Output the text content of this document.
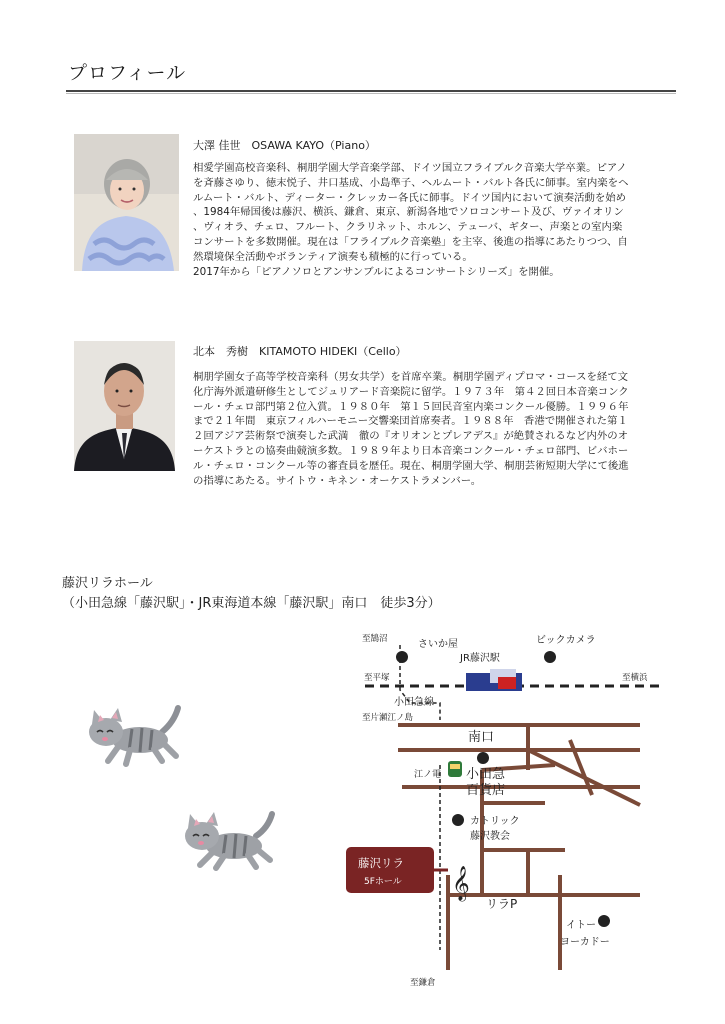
プロフィール
大澤 佳世　OSAWA KAYO（Piano）
相愛学園高校音楽科、桐朋学園大学音楽学部、ドイツ国立フライブルク音楽大学卒業。ピアノ
を斉藤さゆり、徳末悦子、井口基成、小島準子、ヘルムート・バルト各氏に師事。室内楽をヘ
ルムート・バルト、ディーター・クレッカー各氏に師事。ドイツ国内において演奏活動を始め
、1984年帰国後は藤沢、横浜、鎌倉、東京、新潟各地でソロコンサート及び、ヴァイオリン
、ヴィオラ、チェロ、フルート、クラリネット、ホルン、テューバ、ギター、声楽との室内楽
コンサートを多数開催。現在は「フライブルク音楽塾」を主宰、後進の指導にあたりつつ、自
然環境保全活動やボランティア演奏も積極的に行っている。
2017年から「ピアノソロとアンサンブルによるコンサートシリーズ」を開催。
北本　秀樹　KITAMOTO HIDEKI（Cello）
桐朋学園女子高等学校音楽科（男女共学）を首席卒業。桐朋学園ディプロマ・コースを経て文
化庁海外派遣研修生としてジュリアード音楽院に留学。１９７３年　第４２回日本音楽コンク
ール・チェロ部門第２位入賞。１９８０年　第１５回民音室内楽コンクール優勝。１９９６年
まで２１年間　東京フィルハーモニー交響楽団首席奏者。１９８８年　香港で開催された第１
２回アジア芸術祭で演奏した武満　徹の『オリオンとプレアデス』が絶賛されるなど内外のオ
ーケストラとの協奏曲競演多数。１９８９年より日本音楽コンクール・チェロ部門、ビバホー
ル・チェロ・コンクール等の審査員を歴任。現在、桐朋学園大学、桐朋芸術短期大学にて後進
の指導にあたる。サイトウ・キネン・オーケストラメンバー。
藤沢リラホール
（小田急線「藤沢駅」・JR東海道本線「藤沢駅」南口　徒歩3分）
𝄞
藤沢リラ
5Fホール
至鵠沼	さいか屋	ビックカメラ
JR藤沢駅
至平塚	至横浜
小田急線
至片瀬江ノ島
南口
江ノ電 小田急
百貨店
カトリック
藤沢教会
リラP
イトー
ヨーカドー
至鎌倉
